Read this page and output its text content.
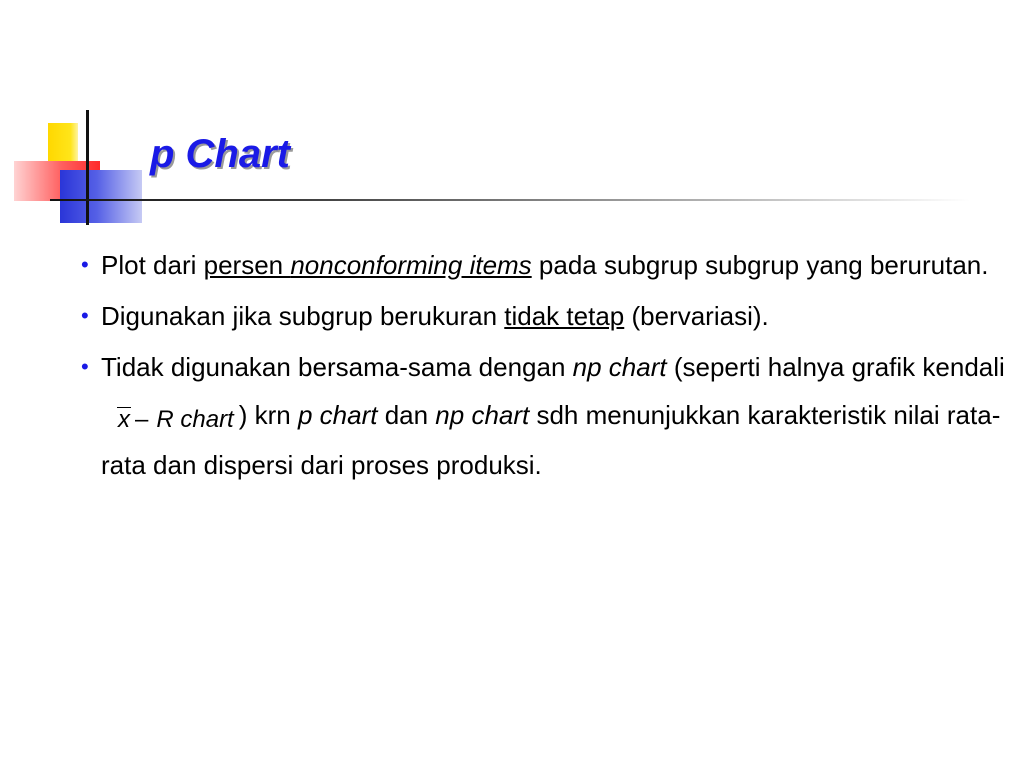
p Chart
• Plot dari persen nonconforming items pada subgrup subgrup yang berurutan.
• Digunakan jika subgrup berukuran tidak tetap (bervariasi).
• Tidak digunakan bersama-sama dengan np chart (seperti halnya grafik kendalix – R chart ) krn p chart dan np chart sdh menunjukkan karakteristik nilai rata-rata dan dispersi dari proses produksi.
